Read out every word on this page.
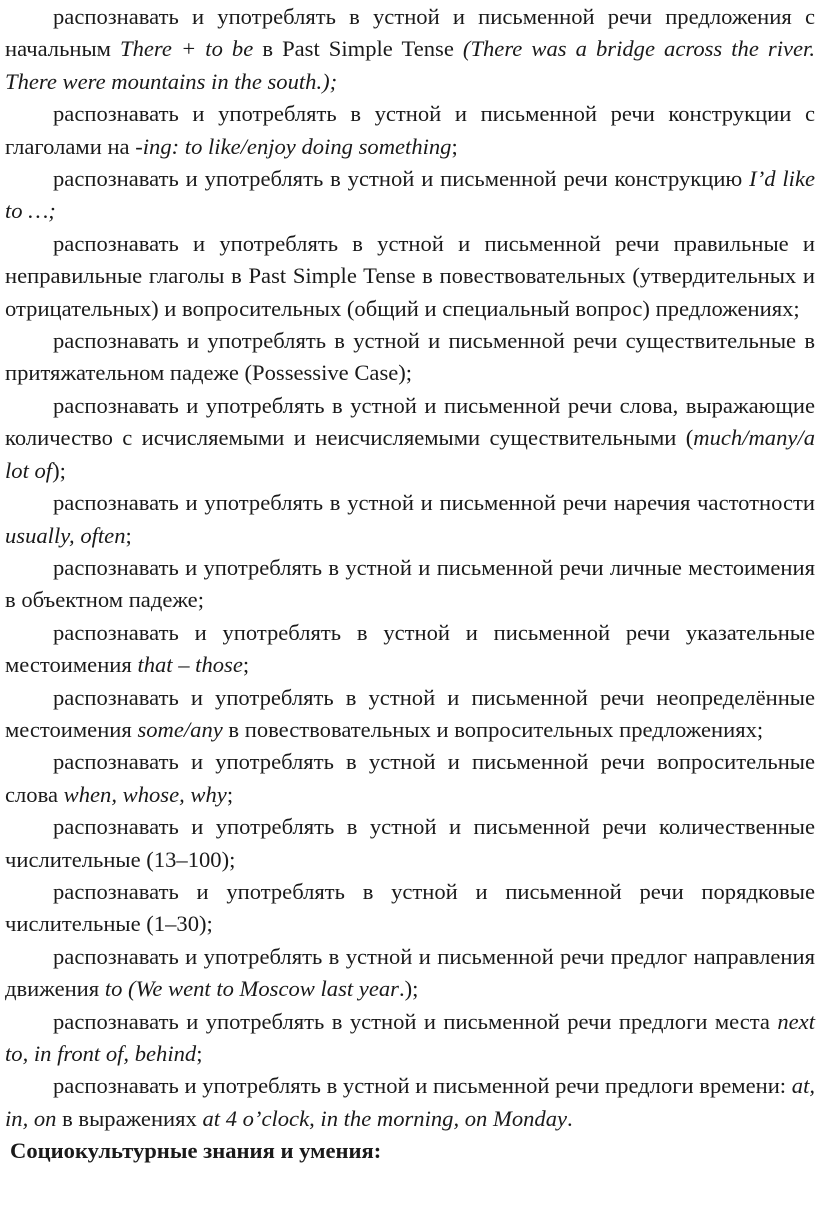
распознавать и употреблять в устной и письменной речи предложения с начальным There + to be в Past Simple Tense (There was a bridge across the river. There were mountains in the south.);

распознавать и употреблять в устной и письменной речи конструкции с глаголами на -ing: to like/enjoy doing something;

распознавать и употреблять в устной и письменной речи конструкцию I’d like to …;

распознавать и употреблять в устной и письменной речи правильные и неправильные глаголы в Past Simple Tense в повествовательных (утвердительных и отрицательных) и вопросительных (общий и специальный вопрос) предложениях;

распознавать и употреблять в устной и письменной речи существительные в притяжательном падеже (Possessive Case);

распознавать и употреблять в устной и письменной речи слова, выражающие количество с исчисляемыми и неисчисляемыми существительными (much/many/a lot of);

распознавать и употреблять в устной и письменной речи наречия частотности usually, often;

распознавать и употреблять в устной и письменной речи личные местоимения в объектном падеже;

распознавать и употреблять в устной и письменной речи указательные местоимения that – those;

распознавать и употреблять в устной и письменной речи неопределённые местоимения some/any в повествовательных и вопросительных предложениях;

распознавать и употреблять в устной и письменной речи вопросительные слова when, whose, why;

распознавать и употреблять в устной и письменной речи количественные числительные (13–100);

распознавать и употреблять в устной и письменной речи порядковые числительные (1–30);

распознавать и употреблять в устной и письменной речи предлог направления движения to (We went to Moscow last year.);

распознавать и употреблять в устной и письменной речи предлоги места next to, in front of, behind;

распознавать и употреблять в устной и письменной речи предлоги времени: at, in, on в выражениях at 4 o’clock, in the morning, on Monday.

Социокультурные знания и умения:
